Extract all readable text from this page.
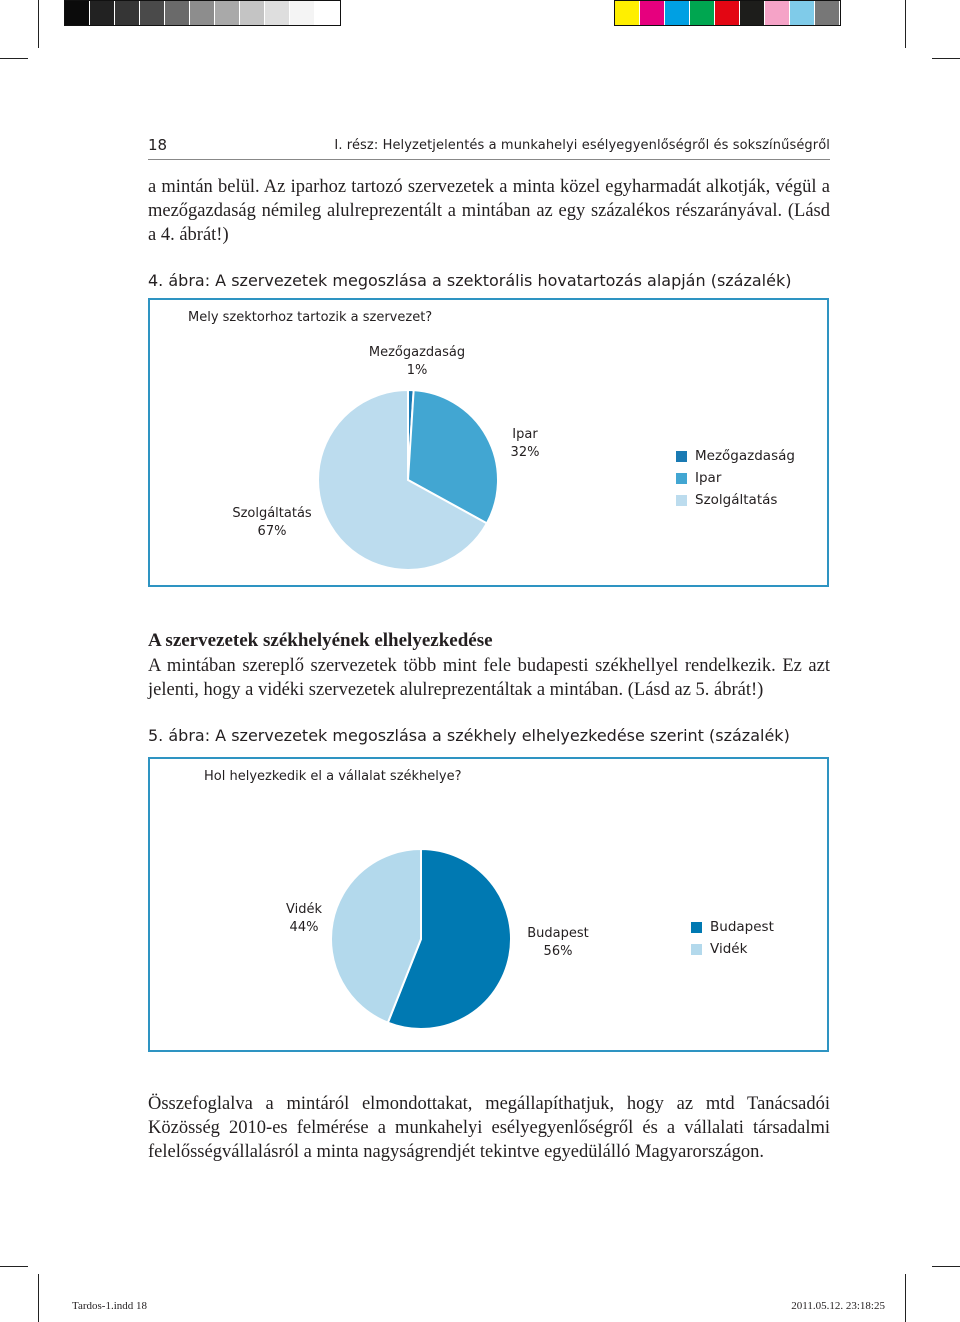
18	I. rész: Helyzetjelentés a munkahelyi esélyegyenlőségről és sokszínűségről
a mintán belül. Az iparhoz tartozó szervezetek a minta közel egyharmadát alkotják, végül a mezőgazdaság némileg alulreprezentált a mintában az egy százalékos részarányával. (Lásd a 4. ábrát!)
4. ábra: A szervezetek megoszlása a szektorális hovatartozás alapján (százalék)
Mely szektorhoz tartozik a szervezet?
Mezőgazdaság
1%
Ipar
32%
Szolgáltatás
67%
Mezőgazdaság
Ipar
Szolgáltatás
A szervezetek székhelyének elhelyezkedése
A mintában szereplő szervezetek több mint fele budapesti székhellyel rendelkezik. Ez azt jelenti, hogy a vidéki szervezetek alulreprezentáltak a mintában. (Lásd az 5. ábrát!)
5. ábra: A szervezetek megoszlása a székhely elhelyezkedése szerint (százalék)
Hol helyezkedik el a vállalat székhelye?
Vidék
44%	Budapest
56%
Budapest
Vidék
Összefoglalva a mintáról elmondottakat, megállapíthatjuk, hogy az mtd Tanácsadói Közösség 2010-es felmérése a munkahelyi esélyegyenlőségről és a vállalati társadalmi felelősségvállalásról a minta nagyságrendjét tekintve egyedülálló Magyarországon.
Tardos-1.indd 18	2011.05.12. 23:18:25
